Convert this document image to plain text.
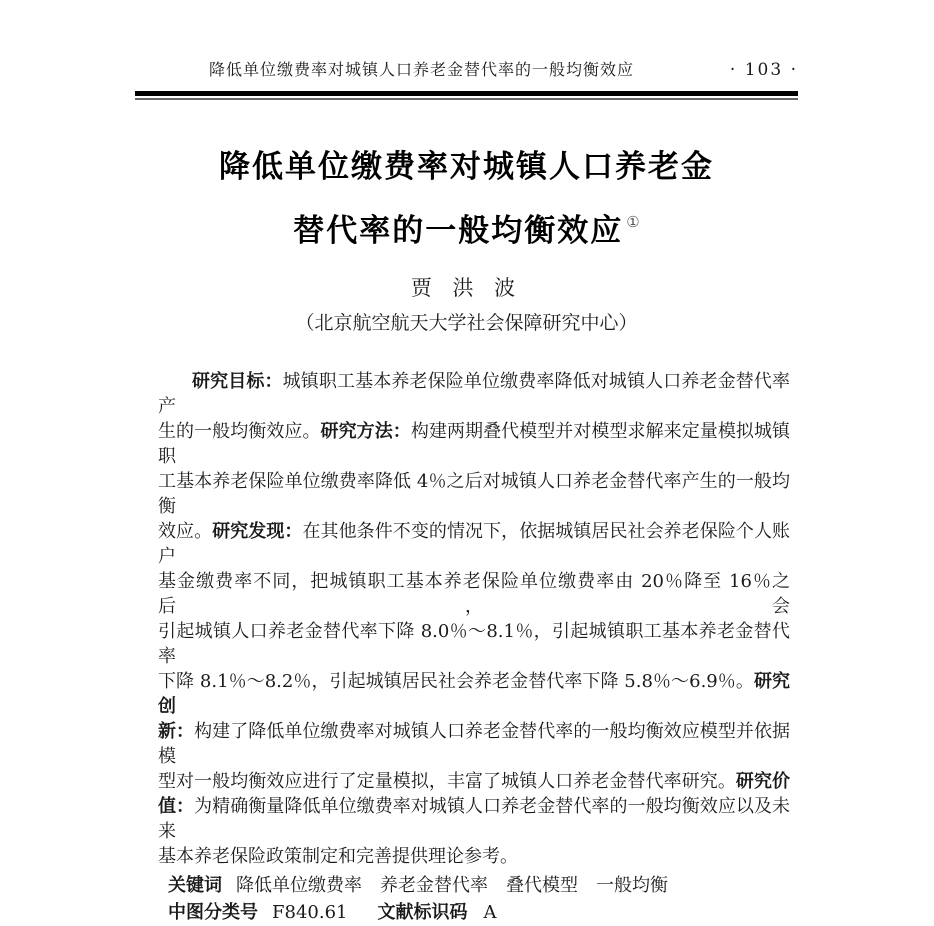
降低单位缴费率对城镇人口养老金替代率的一般均衡效应	· 103 ·
降低单位缴费率对城镇人口养老金
替代率的一般均衡效应 ①
贾 洪 波
（北京航空航天大学社会保障研究中心）
研究目标：城镇职工基本养老保险单位缴费率降低对城镇人口养老金替代率产
生的一般均衡效应。研究方法：构建两期叠代模型并对模型求解来定量模拟城镇职
工基本养老保险单位缴费率降低 4％之后对城镇人口养老金替代率产生的一般均衡
效应。研究发现：在其他条件不变的情况下，依据城镇居民社会养老保险个人账户
基金缴费率不同，把城镇职工基本养老保险单位缴费率由 20％降至 16％之后，会
引起城镇人口养老金替代率下降 8.0％～8.1％，引起城镇职工基本养老金替代率
下降 8.1％～8.2％，引起城镇居民社会养老金替代率下降 5.8％～6.9％。研究创
新：构建了降低单位缴费率对城镇人口养老金替代率的一般均衡效应模型并依据模
型对一般均衡效应进行了定量模拟，丰富了城镇人口养老金替代率研究。研究价
值：为精确衡量降低单位缴费率对城镇人口养老金替代率的一般均衡效应以及未来
基本养老保险政策制定和完善提供理论参考。
关键词 降低单位缴费率　养老金替代率　叠代模型　一般均衡
中图分类号 F840.61 文献标识码 A
